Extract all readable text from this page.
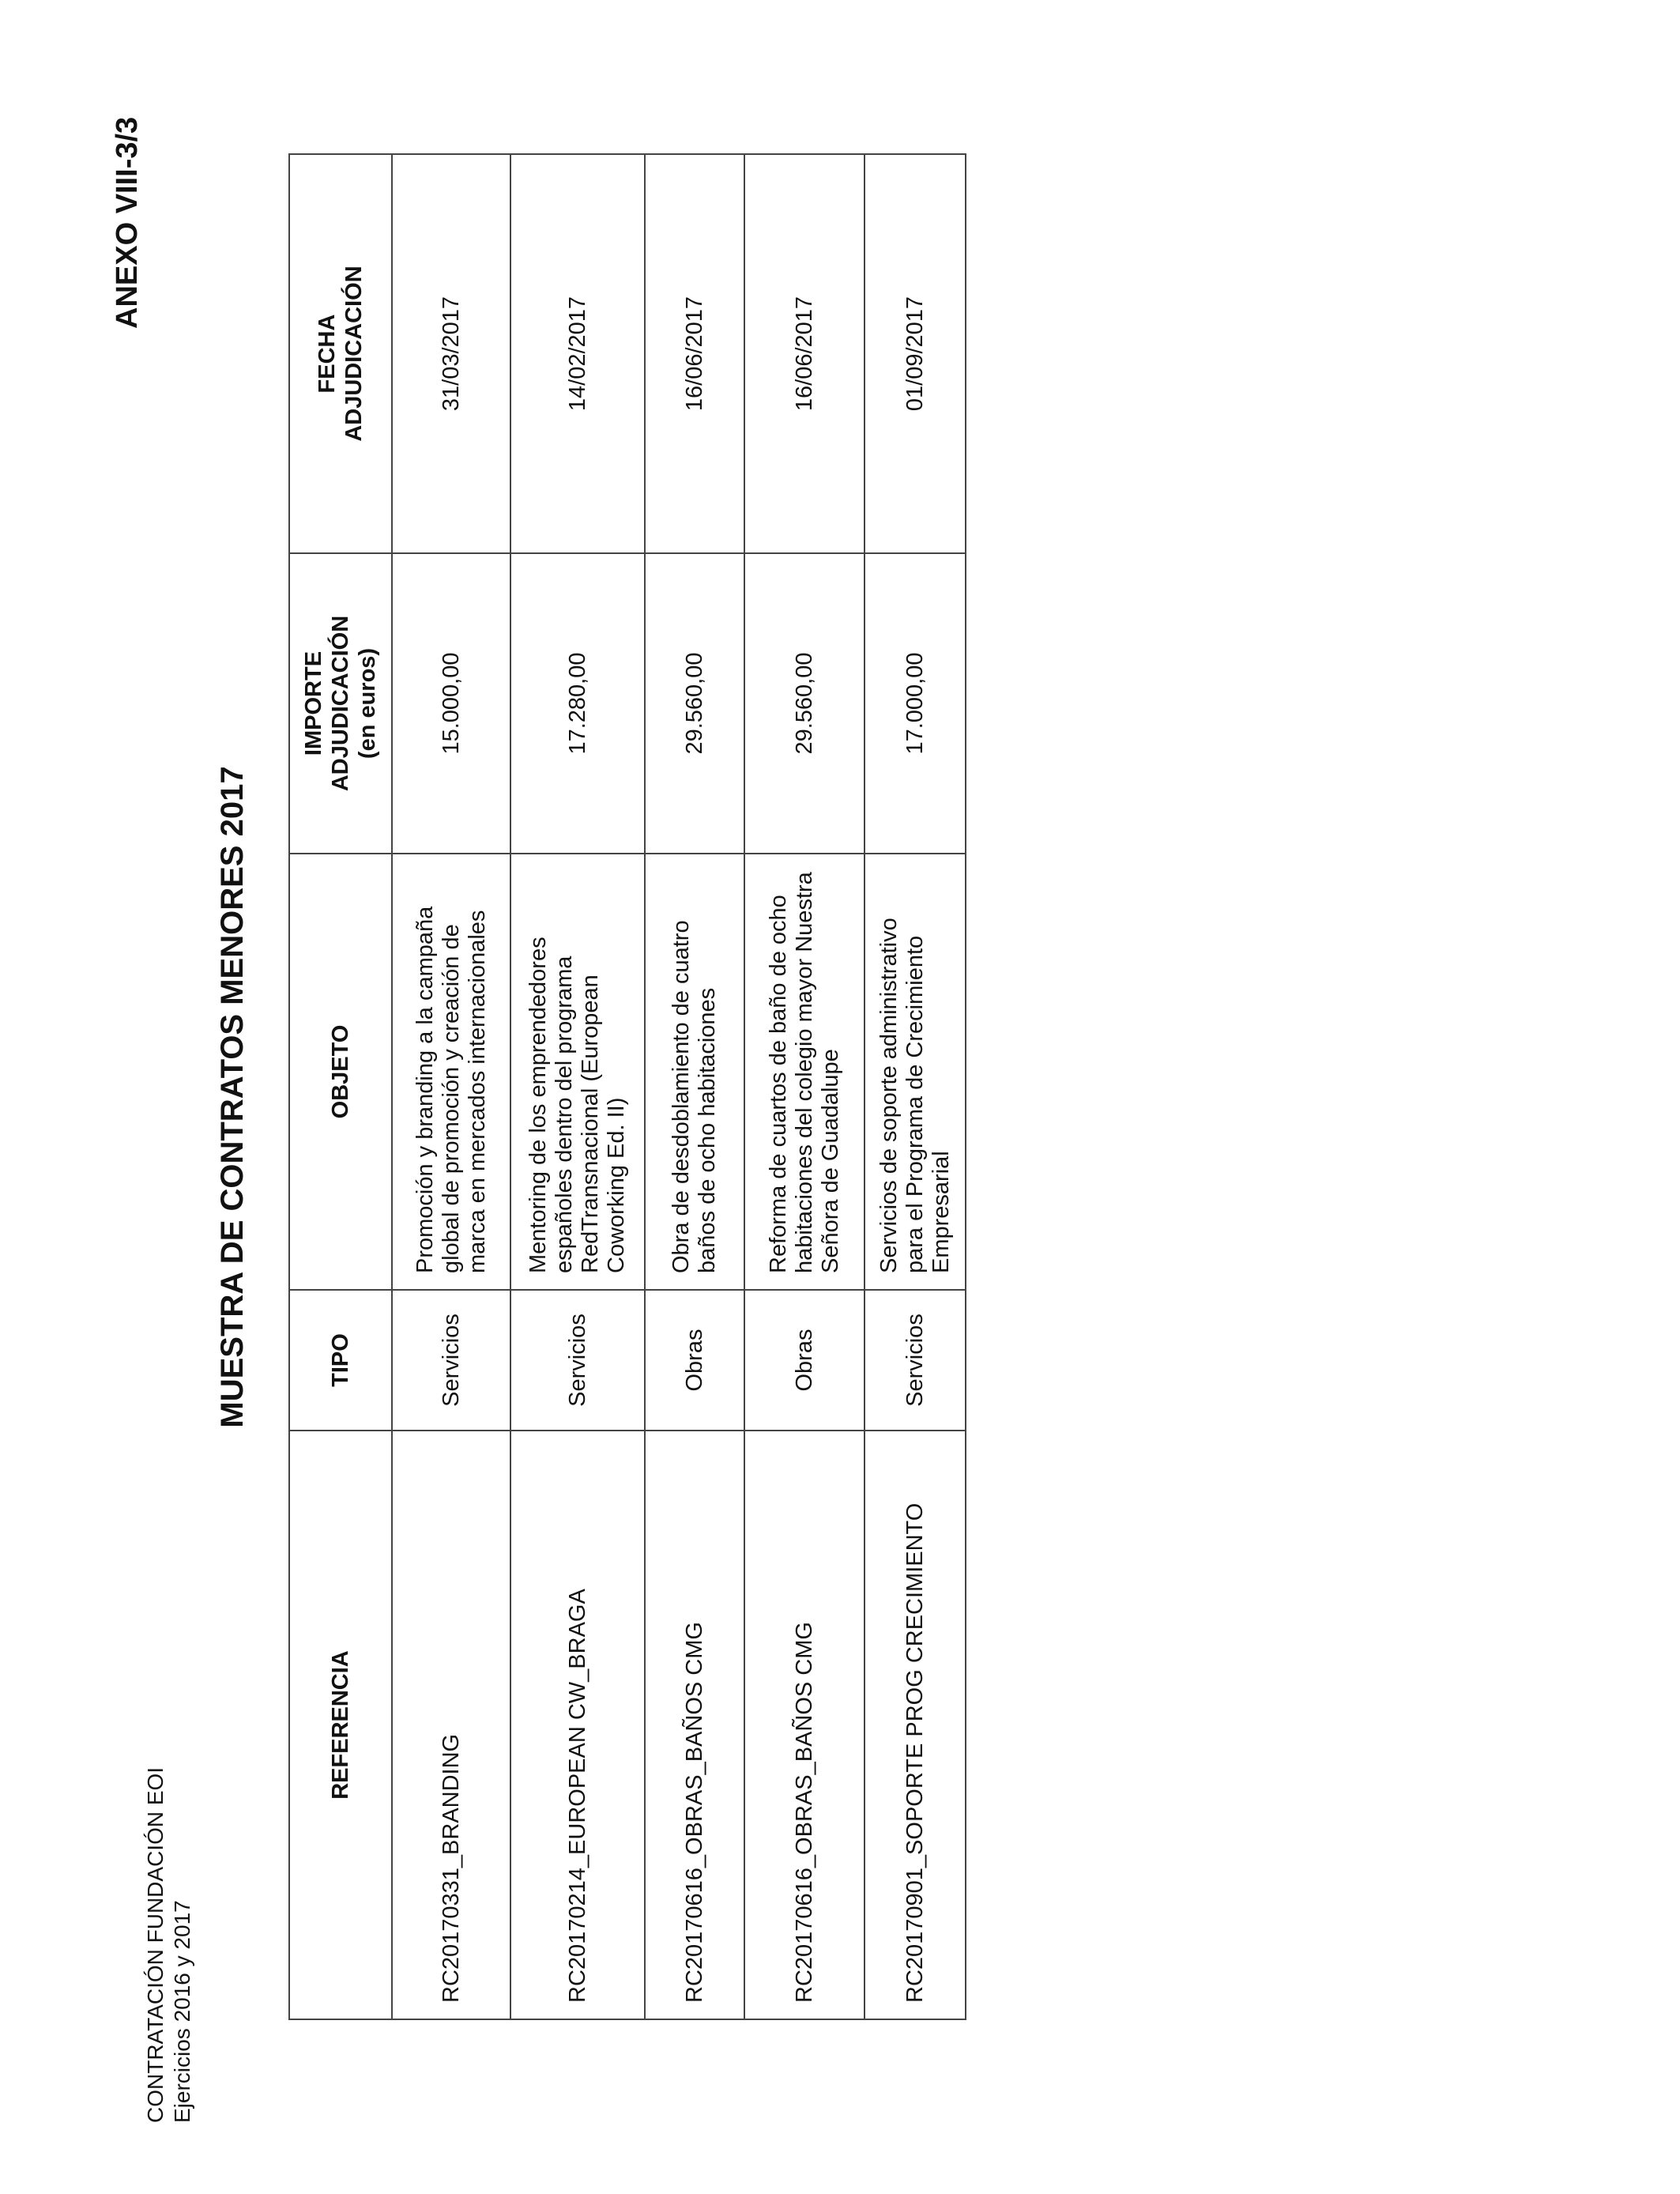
CONTRATACIÓN FUNDACIÓN EOI Ejercicios 2016 y 2017
ANEXO VIII-3/3
MUESTRA DE CONTRATOS MENORES 2017
REFERENCIA	TIPO	OBJETO	IMPORTE ADJUDICACIÓN (en euros)	FECHA ADJUDICACIÓN

RC20170331_BRANDING	Servicios	Promoción y branding a la campaña global de promoción y creación de marca en mercados internacionales	15.000,00	31/03/2017
RC20170214_EUROPEAN CW_BRAGA	Servicios	Mentoring de los emprendedores españoles dentro del programa RedTransnacional (European Coworking Ed. II)	17.280,00	14/02/2017
RC20170616_OBRAS_BAÑOS CMG	Obras	Obra de desdoblamiento de cuatro baños de ocho habitaciones	29.560,00	16/06/2017
RC20170616_OBRAS_BAÑOS CMG	Obras	Reforma de cuartos de baño de ocho habitaciones del colegio mayor Nuestra Señora de Guadalupe	29.560,00	16/06/2017
RC20170901_SOPORTE PROG CRECIMIENTO	Servicios	Servicios de soporte administrativo para el Programa de Crecimiento Empresarial	17.000,00	01/09/2017
